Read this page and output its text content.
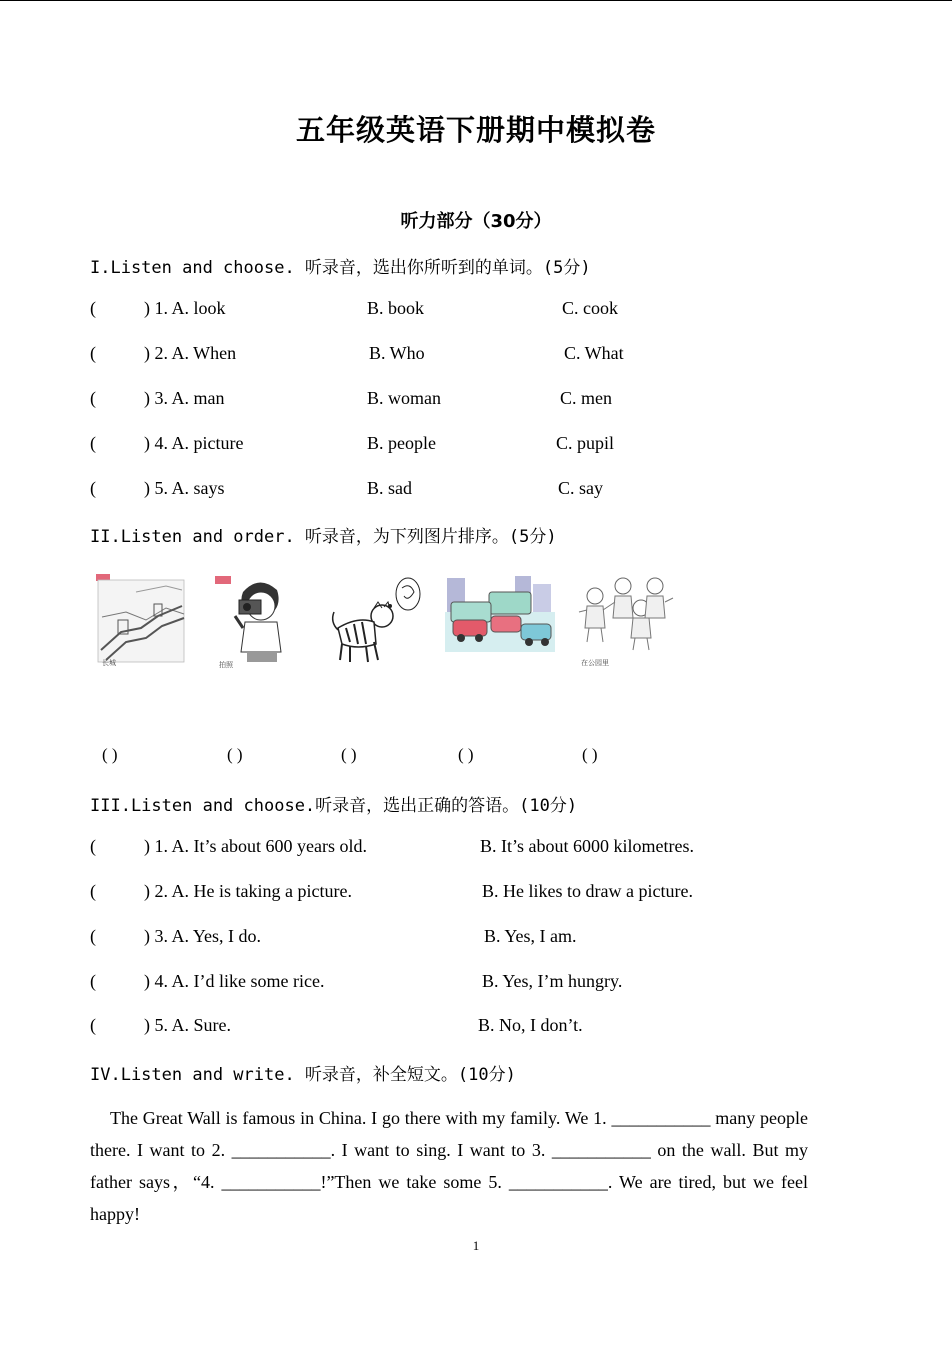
五年级英语下册期中模拟卷
听力部分（30分）
I.Listen and choose. 听录音，选出你所听到的单词。(5分)
(	) 1. A. look	B. book	C. cook
(	) 2. A. When	B. Who	C. What
(	) 3. A. man	B. woman	C. men
(	) 4. A. picture	B. people	C. pupil
(	) 5. A. says	B. sad	C. say
II.Listen and order. 听录音，为下列图片排序。(5分)
长城	拍照	在公园里
( )	( )	( )	( )	( )
III.Listen and choose.听录音，选出正确的答语。(10分)
(	) 1. A. It’s about 600 years old.	B. It’s about 6000 kilometres.
(	) 2. A. He is taking a picture.	B. He likes to draw a picture.
(	) 3. A. Yes, I do.	B. Yes, I am.
(	) 4. A. I’d like some rice.	B. Yes, I’m hungry.
(	) 5. A. Sure.	B. No, I don’t.
IV.Listen and write. 听录音，补全短文。(10分)
The Great Wall is famous in China. I go there with my family. We 1. ___________ many people there. I want to 2. ___________. I want to sing. I want to 3. ___________ on the wall. But my father says，“4. ___________!”Then we take some 5. ___________. We are tired, but we feel happy!
1
